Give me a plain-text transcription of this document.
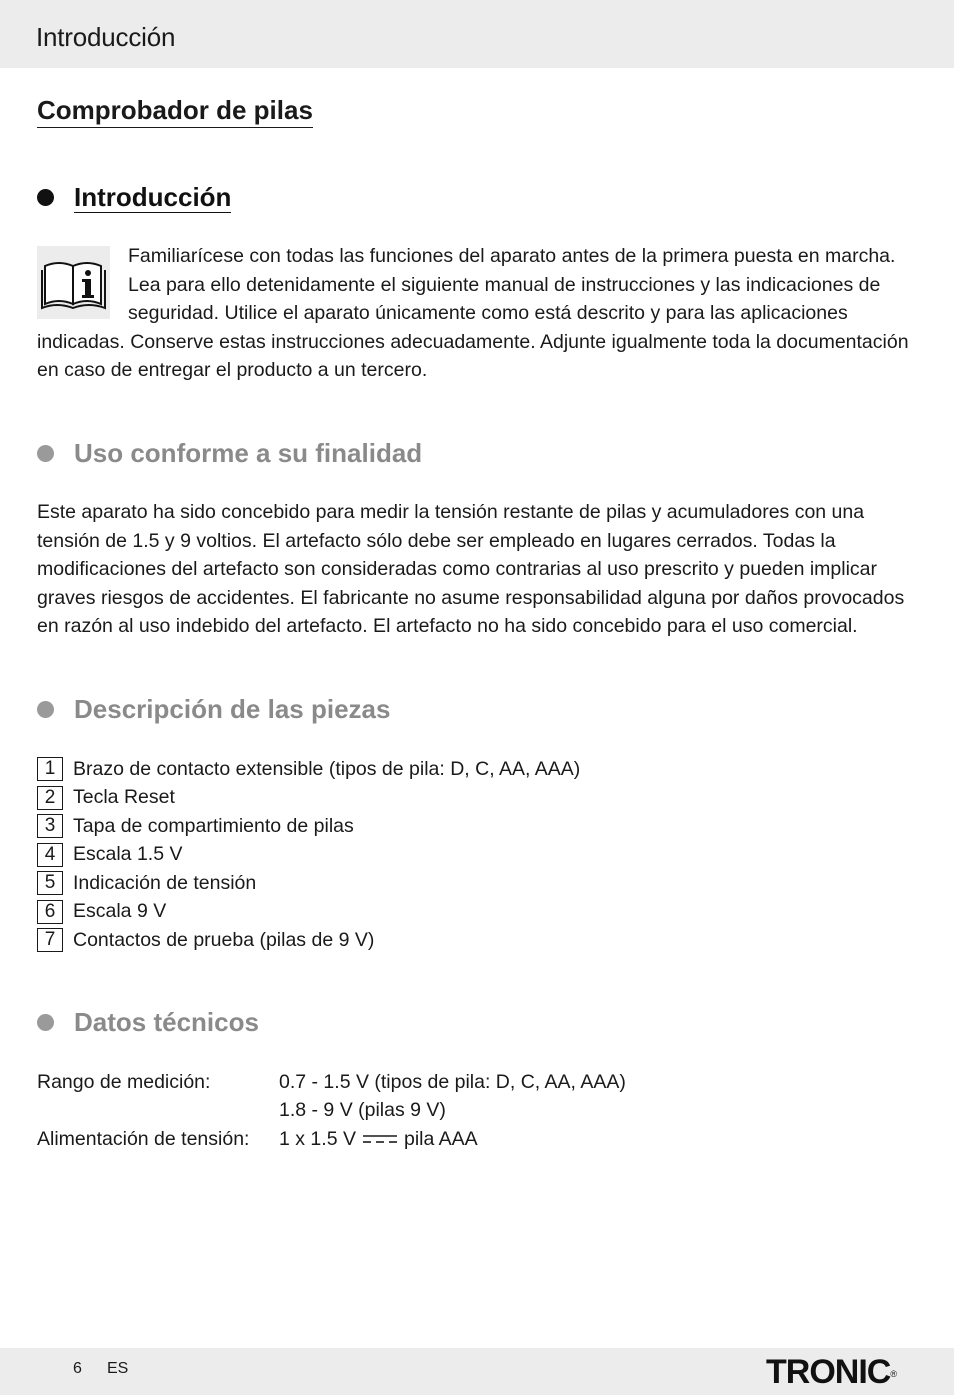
Introducción
Comprobador de pilas
Introducción
Familiarícese con todas las funciones del aparato antes de la primera puesta en marcha.
Lea para ello detenidamente el siguiente manual de instrucciones y las indicaciones de
seguridad. Utilice el aparato únicamente como está descrito y para las aplicaciones
indicadas. Conserve estas instrucciones adecuadamente. Adjunte igualmente toda la documentación
en caso de entregar el producto a un tercero.
Uso conforme a su finalidad
Este aparato ha sido concebido para medir la tensión restante de pilas y acumuladores con una
tensión de 1.5 y 9 voltios. El artefacto sólo debe ser empleado en lugares cerrados. Todas la
modificaciones del artefacto son consideradas como contrarias al uso prescrito y pueden implicar
graves riesgos de accidentes. El fabricante no asume responsabilidad alguna por daños provocados
en razón al uso indebido del artefacto. El artefacto no ha sido concebido para el uso comercial.
Descripción de las piezas
1 Brazo de contacto extensible (tipos de pila: D, C, AA, AAA)
2 Tecla Reset
3 Tapa de compartimiento de pilas
4 Escala 1.5 V
5 Indicación de tensión
6 Escala 9 V
7 Contactos de prueba (pilas de 9 V)
Datos técnicos
Rango de medición:	0.7 - 1.5 V (tipos de pila: D, C, AA, AAA)
1.8 - 9 V (pilas 9 V)
Alimentación de tensión:	1 x 1.5 V pila AAA
6 ES	TRONIC®
